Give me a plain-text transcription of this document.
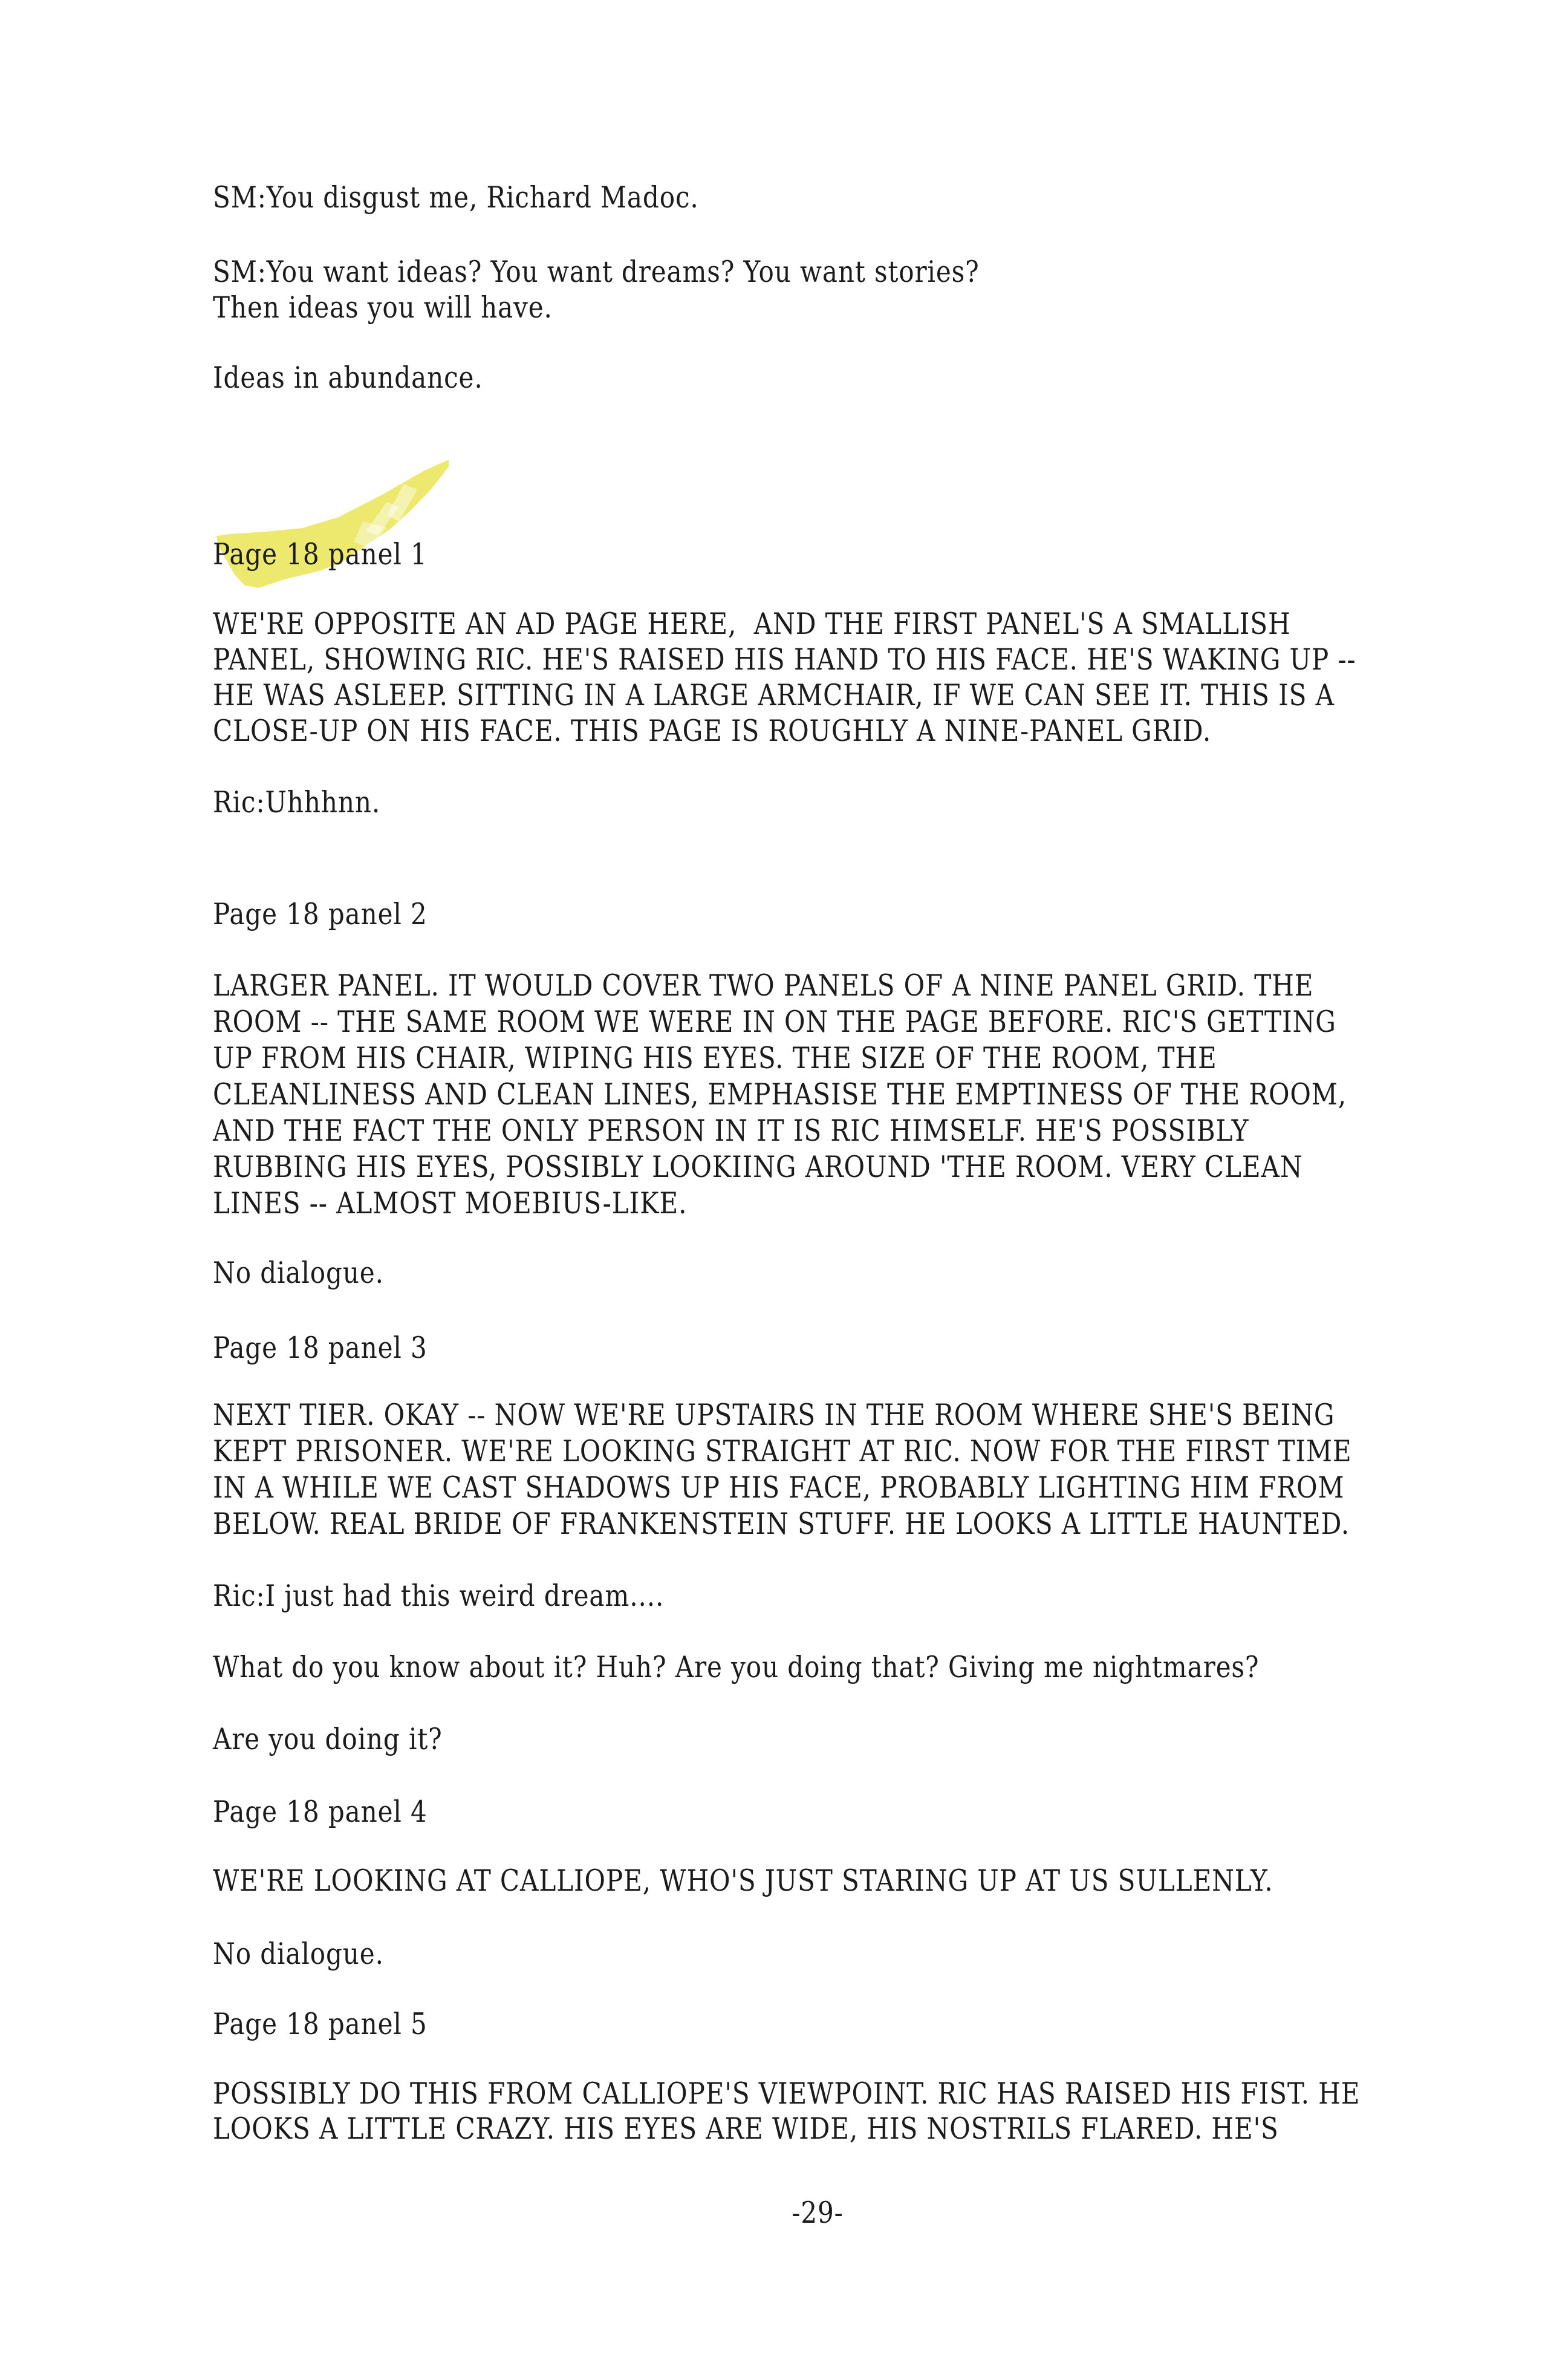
SM:You disgust me, Richard Madoc.
SM:You want ideas? You want dreams? You want stories?
Then ideas you will have.
Ideas in abundance.
Page 18 panel 1
WE'RE OPPOSITE AN AD PAGE HERE,  AND THE FIRST PANEL'S A SMALLISH
PANEL, SHOWING RIC. HE'S RAISED HIS HAND TO HIS FACE. HE'S WAKING UP --
HE WAS ASLEEP. SITTING IN A LARGE ARMCHAIR, IF WE CAN SEE IT. THIS IS A
CLOSE-UP ON HIS FACE. THIS PAGE IS ROUGHLY A NINE-PANEL GRID.
Ric:Uhhhnn.
Page 18 panel 2
LARGER PANEL. IT WOULD COVER TWO PANELS OF A NINE PANEL GRID. THE
ROOM -- THE SAME ROOM WE WERE IN ON THE PAGE BEFORE. RIC'S GETTING
UP FROM HIS CHAIR, WIPING HIS EYES. THE SIZE OF THE ROOM, THE
CLEANLINESS AND CLEAN LINES, EMPHASISE THE EMPTINESS OF THE ROOM,
AND THE FACT THE ONLY PERSON IN IT IS RIC HIMSELF. HE'S POSSIBLY
RUBBING HIS EYES, POSSIBLY LOOKIING AROUND 'THE ROOM. VERY CLEAN
LINES -- ALMOST MOEBIUS-LIKE.
No dialogue.
Page 18 panel 3
NEXT TIER. OKAY -- NOW WE'RE UPSTAIRS IN THE ROOM WHERE SHE'S BEING
KEPT PRISONER. WE'RE LOOKING STRAIGHT AT RIC. NOW FOR THE FIRST TIME
IN A WHILE WE CAST SHADOWS UP HIS FACE, PROBABLY LIGHTING HIM FROM
BELOW. REAL BRIDE OF FRANKENSTEIN STUFF. HE LOOKS A LITTLE HAUNTED.
Ric:I just had this weird dream....
What do you know about it? Huh? Are you doing that? Giving me nightmares?
Are you doing it?
Page 18 panel 4
WE'RE LOOKING AT CALLIOPE, WHO'S JUST STARING UP AT US SULLENLY.
No dialogue.
Page 18 panel 5
POSSIBLY DO THIS FROM CALLIOPE'S VIEWPOINT. RIC HAS RAISED HIS FIST. HE
LOOKS A LITTLE CRAZY. HIS EYES ARE WIDE, HIS NOSTRILS FLARED. HE'S
-29-
